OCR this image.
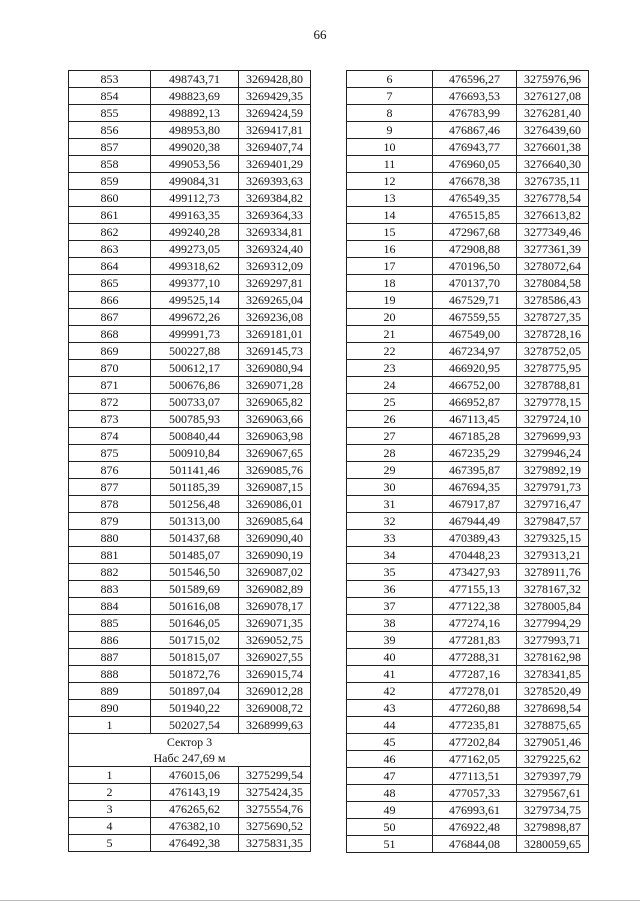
66
853	498743,71	3269428,80
854	498823,69	3269429,35
855	498892,13	3269424,59
856	498953,80	3269417,81
857	499020,38	3269407,74
858	499053,56	3269401,29
859	499084,31	3269393,63
860	499112,73	3269384,82
861	499163,35	3269364,33
862	499240,28	3269334,81
863	499273,05	3269324,40
864	499318,62	3269312,09
865	499377,10	3269297,81
866	499525,14	3269265,04
867	499672,26	3269236,08
868	499991,73	3269181,01
869	500227,88	3269145,73
870	500612,17	3269080,94
871	500676,86	3269071,28
872	500733,07	3269065,82
873	500785,93	3269063,66
874	500840,44	3269063,98
875	500910,84	3269067,65
876	501141,46	3269085,76
877	501185,39	3269087,15
878	501256,48	3269086,01
879	501313,00	3269085,64
880	501437,68	3269090,40
881	501485,07	3269090,19
882	501546,50	3269087,02
883	501589,69	3269082,89
884	501616,08	3269078,17
885	501646,05	3269071,35
886	501715,02	3269052,75
887	501815,07	3269027,55
888	501872,76	3269015,74
889	501897,04	3269012,28
890	501940,22	3269008,72
1	502027,54	3268999,63

Сектор 3
Набс 247,69 м		

1	476015,06	3275299,54
2	476143,19	3275424,35
3	476265,62	3275554,76
4	476382,10	3275690,52
5	476492,38	3275831,35
6	476596,27	3275976,96
7	476693,53	3276127,08
8	476783,99	3276281,40
9	476867,46	3276439,60
10	476943,77	3276601,38
11	476960,05	3276640,30
12	476678,38	3276735,11
13	476549,35	3276778,54
14	476515,85	3276613,82
15	472967,68	3277349,46
16	472908,88	3277361,39
17	470196,50	3278072,64
18	470137,70	3278084,58
19	467529,71	3278586,43
20	467559,55	3278727,35
21	467549,00	3278728,16
22	467234,97	3278752,05
23	466920,95	3278775,95
24	466752,00	3278788,81
25	466952,87	3279778,15
26	467113,45	3279724,10
27	467185,28	3279699,93
28	467235,29	3279946,24
29	467395,87	3279892,19
30	467694,35	3279791,73
31	467917,87	3279716,47
32	467944,49	3279847,57
33	470389,43	3279325,15
34	470448,23	3279313,21
35	473427,93	3278911,76
36	477155,13	3278167,32
37	477122,38	3278005,84
38	477274,16	3277994,29
39	477281,83	3277993,71
40	477288,31	3278162,98
41	477287,16	3278341,85
42	477278,01	3278520,49
43	477260,88	3278698,54
44	477235,81	3278875,65
45	477202,84	3279051,46
46	477162,05	3279225,62
47	477113,51	3279397,79
48	477057,33	3279567,61
49	476993,61	3279734,75
50	476922,48	3279898,87
51	476844,08	3280059,65
